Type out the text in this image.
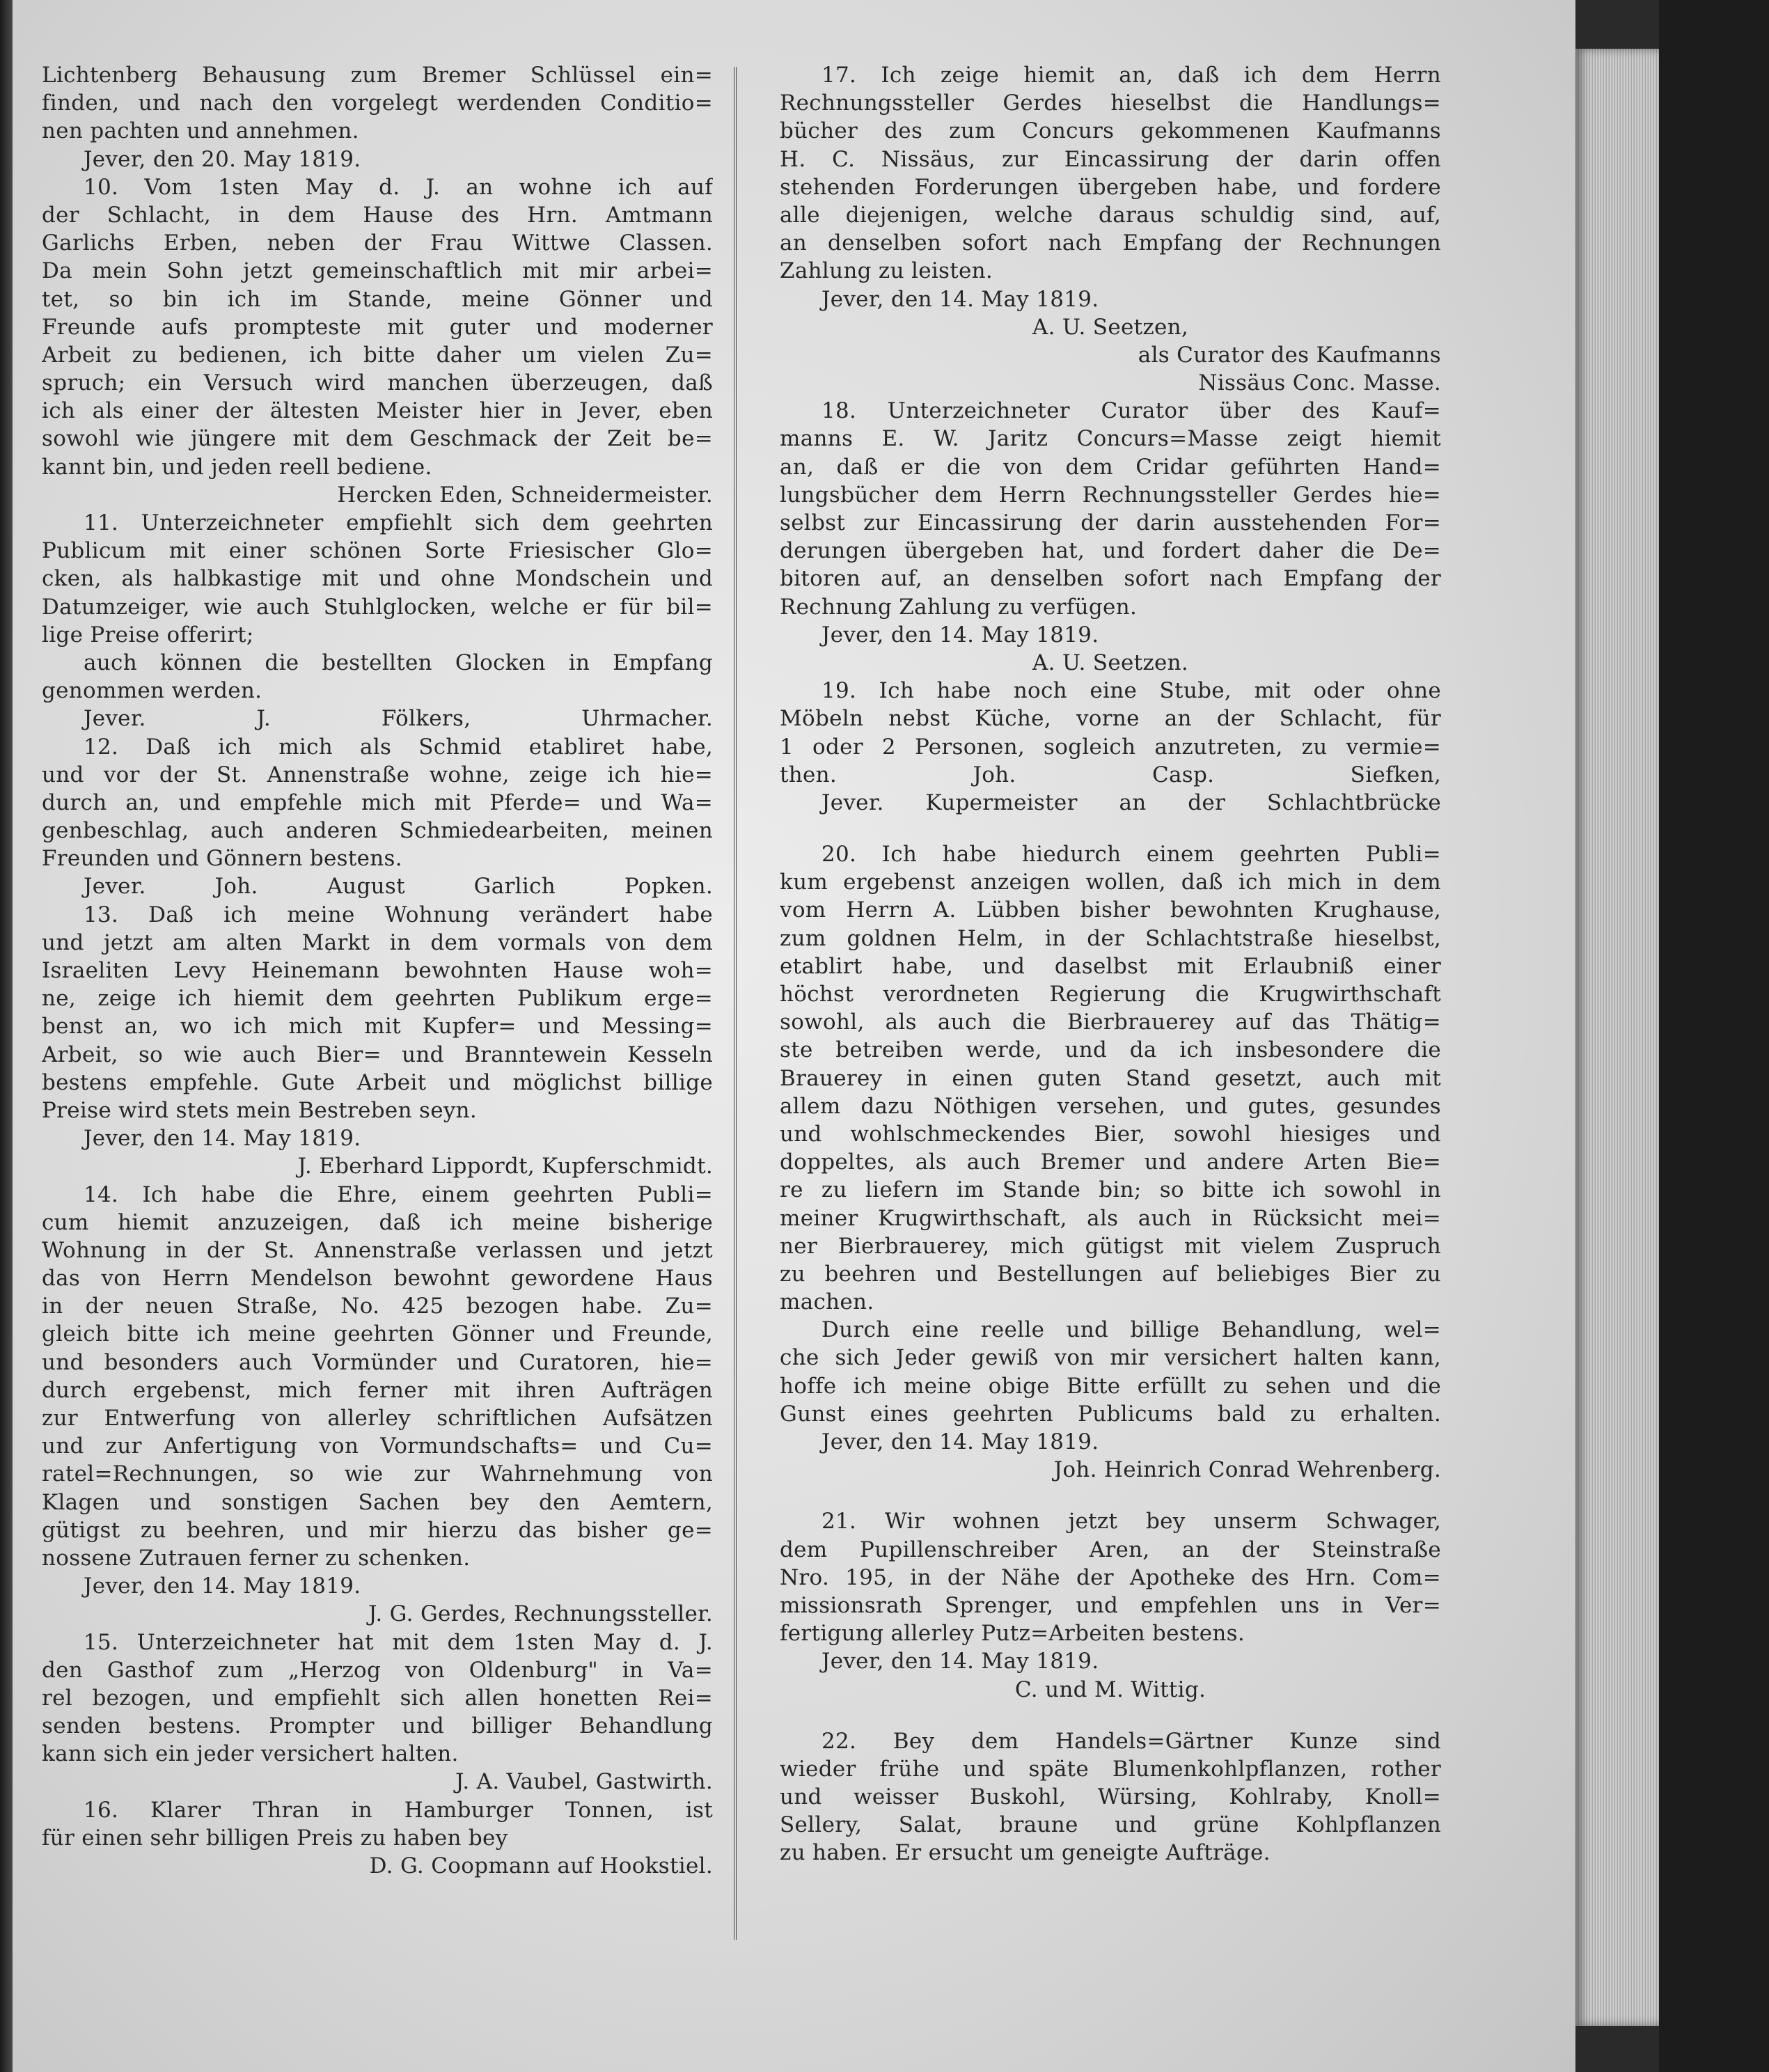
Lichtenberg Behausung zum Bremer Schlüssel ein=
finden, und nach den vorgelegt werdenden Conditio=
nen pachten und annehmen.
Jever, den 20. May 1819.
10. Vom 1sten May d. J. an wohne ich auf
der Schlacht, in dem Hause des Hrn. Amtmann
Garlichs Erben, neben der Frau Wittwe Classen.
Da mein Sohn jetzt gemeinschaftlich mit mir arbei=
tet, so bin ich im Stande, meine Gönner und
Freunde aufs prompteste mit guter und moderner
Arbeit zu bedienen, ich bitte daher um vielen Zu=
spruch; ein Versuch wird manchen überzeugen, daß
ich als einer der ältesten Meister hier in Jever, eben
sowohl wie jüngere mit dem Geschmack der Zeit be=
kannt bin, und jeden reell bediene.
Hercken Eden, Schneidermeister.
11. Unterzeichneter empfiehlt sich dem geehrten
Publicum mit einer schönen Sorte Friesischer Glo=
cken, als halbkastige mit und ohne Mondschein und
Datumzeiger, wie auch Stuhlglocken, welche er für bil=
lige Preise offerirt;
auch können die bestellten Glocken in Empfang
genommen werden.
Jever. J. Fölkers, Uhrmacher.
12. Daß ich mich als Schmid etabliret habe,
und vor der St. Annenstraße wohne, zeige ich hie=
durch an, und empfehle mich mit Pferde= und Wa=
genbeschlag, auch anderen Schmiedearbeiten, meinen
Freunden und Gönnern bestens.
Jever. Joh. August Garlich Popken.
13. Daß ich meine Wohnung verändert habe
und jetzt am alten Markt in dem vormals von dem
Israeliten Levy Heinemann bewohnten Hause woh=
ne, zeige ich hiemit dem geehrten Publikum erge=
benst an, wo ich mich mit Kupfer= und Messing=
Arbeit, so wie auch Bier= und Branntewein Kesseln
bestens empfehle. Gute Arbeit und möglichst billige
Preise wird stets mein Bestreben seyn.
Jever, den 14. May 1819.
J. Eberhard Lippordt, Kupferschmidt.
14. Ich habe die Ehre, einem geehrten Publi=
cum hiemit anzuzeigen, daß ich meine bisherige
Wohnung in der St. Annenstraße verlassen und jetzt
das von Herrn Mendelson bewohnt gewordene Haus
in der neuen Straße, No. 425 bezogen habe. Zu=
gleich bitte ich meine geehrten Gönner und Freunde,
und besonders auch Vormünder und Curatoren, hie=
durch ergebenst, mich ferner mit ihren Aufträgen
zur Entwerfung von allerley schriftlichen Aufsätzen
und zur Anfertigung von Vormundschafts= und Cu=
ratel=Rechnungen, so wie zur Wahrnehmung von
Klagen und sonstigen Sachen bey den Aemtern,
gütigst zu beehren, und mir hierzu das bisher ge=
nossene Zutrauen ferner zu schenken.
Jever, den 14. May 1819.
J. G. Gerdes, Rechnungssteller.
15. Unterzeichneter hat mit dem 1sten May d. J.
den Gasthof zum „Herzog von Oldenburg" in Va=
rel bezogen, und empfiehlt sich allen honetten Rei=
senden bestens. Prompter und billiger Behandlung
kann sich ein jeder versichert halten.
J. A. Vaubel, Gastwirth.
16. Klarer Thran in Hamburger Tonnen, ist
für einen sehr billigen Preis zu haben bey
D. G. Coopmann auf Hookstiel.
17. Ich zeige hiemit an, daß ich dem Herrn
Rechnungssteller Gerdes hieselbst die Handlungs=
bücher des zum Concurs gekommenen Kaufmanns
H. C. Nissäus, zur Eincassirung der darin offen
stehenden Forderungen übergeben habe, und fordere
alle diejenigen, welche daraus schuldig sind, auf,
an denselben sofort nach Empfang der Rechnungen
Zahlung zu leisten.
Jever, den 14. May 1819.
A. U. Seetzen,
als Curator des Kaufmanns
Nissäus Conc. Masse.
18. Unterzeichneter Curator über des Kauf=
manns E. W. Jaritz Concurs=Masse zeigt hiemit
an, daß er die von dem Cridar geführten Hand=
lungsbücher dem Herrn Rechnungssteller Gerdes hie=
selbst zur Eincassirung der darin ausstehenden For=
derungen übergeben hat, und fordert daher die De=
bitoren auf, an denselben sofort nach Empfang der
Rechnung Zahlung zu verfügen.
Jever, den 14. May 1819.
A. U. Seetzen.
19. Ich habe noch eine Stube, mit oder ohne
Möbeln nebst Küche, vorne an der Schlacht, für
1 oder 2 Personen, sogleich anzutreten, zu vermie=
then. Joh. Casp. Siefken,
Jever. Kupermeister an der Schlachtbrücke
20. Ich habe hiedurch einem geehrten Publi=
kum ergebenst anzeigen wollen, daß ich mich in dem
vom Herrn A. Lübben bisher bewohnten Krughause,
zum goldnen Helm, in der Schlachtstraße hieselbst,
etablirt habe, und daselbst mit Erlaubniß einer
höchst verordneten Regierung die Krugwirthschaft
sowohl, als auch die Bierbrauerey auf das Thätig=
ste betreiben werde, und da ich insbesondere die
Brauerey in einen guten Stand gesetzt, auch mit
allem dazu Nöthigen versehen, und gutes, gesundes
und wohlschmeckendes Bier, sowohl hiesiges und
doppeltes, als auch Bremer und andere Arten Bie=
re zu liefern im Stande bin; so bitte ich sowohl in
meiner Krugwirthschaft, als auch in Rücksicht mei=
ner Bierbrauerey, mich gütigst mit vielem Zuspruch
zu beehren und Bestellungen auf beliebiges Bier zu
machen.
Durch eine reelle und billige Behandlung, wel=
che sich Jeder gewiß von mir versichert halten kann,
hoffe ich meine obige Bitte erfüllt zu sehen und die
Gunst eines geehrten Publicums bald zu erhalten.
Jever, den 14. May 1819.
Joh. Heinrich Conrad Wehrenberg.
21. Wir wohnen jetzt bey unserm Schwager,
dem Pupillenschreiber Aren, an der Steinstraße
Nro. 195, in der Nähe der Apotheke des Hrn. Com=
missionsrath Sprenger, und empfehlen uns in Ver=
fertigung allerley Putz=Arbeiten bestens.
Jever, den 14. May 1819.
C. und M. Wittig.
22. Bey dem Handels=Gärtner Kunze sind
wieder frühe und späte Blumenkohlpflanzen, rother
und weisser Buskohl, Würsing, Kohlraby, Knoll=
Sellery, Salat, braune und grüne Kohlpflanzen
zu haben. Er ersucht um geneigte Aufträge.
